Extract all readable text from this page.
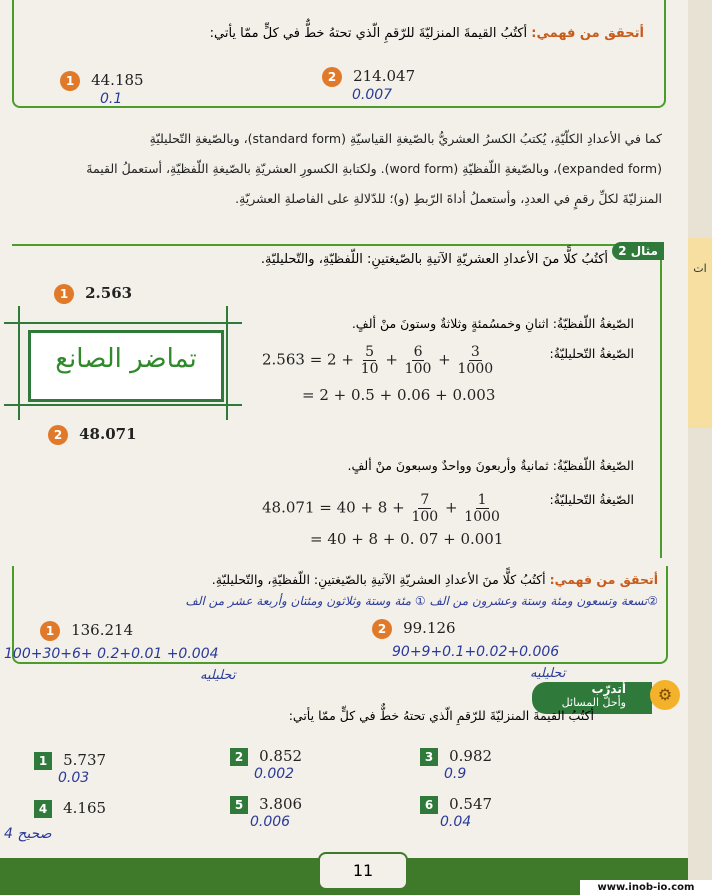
أتحقق من فهمي: أكتُبُ القيمةَ المنزليّةَ للرّقمِ الّذي تحتهُ خطٌّ في كلٍّ ممّا يأتي:
1 44.185
0.1
2 214.047
0.007
كما في الأعدادِ الكلّيّةِ، يُكتبُ الكسرُ العشريُّ بالصّيغةِ القياسيّةِ (standard form)، وبالصّيغةِ التّحليليّةِ
(expanded form)، وبالصّيغةِ اللّفظيّةِ (word form). ولكتابةِ الكسورِ العشريّةِ بالصّيغةِ اللّفظيّةِ، أستعملُ القيمةَ
المنزليّةَ لكلِّ رقمٍ في العددِ، وأستعملُ أداةَ الرّبطِ (و)؛ للدّلالةِ على الفاصلةِ العشريّةِ.
مثال 2
أكتُبُ كلًّا منَ الأعدادِ العشريّةِ الآتيةِ بالصّيغتينِ: اللّفظيّةِ، والتّحليليّةِ.
1 2.563
الصّيغةُ اللّفظيّةُ: اثنانِ وخمسُمئةٍ وثلاثةٌ وستونَ منْ ألفٍ.
الصّيغةُ التّحليليّةُ:
$2.563 = 2 + \frac{5}{10} + \frac{6}{100} + \frac{3}{1000}$
= 2 + 0.5 + 0.06 + 0.003
تماضر الصانع
2 48.071
الصّيغةُ اللّفظيّةُ: ثمانيةٌ وأربعونَ وواحدٌ وسبعونَ منْ ألفٍ.
الصّيغةُ التّحليليّةُ:
$48.071 = 40 + 8 + \frac{7}{100} + \frac{1}{1000}$
= 40 + 8 + 0. 07 + 0.001
أتحقق من فهمي: أكتُبُ كلًّا منَ الأعدادِ العشريّةِ الآتيةِ بالصّيغتينِ: اللّفظيّةِ، والتّحليليّةِ.
②تسعة وتسعون ومئة وستة وعشرون من الف ① مئة وستة وثلاثون ومئتان وأربعة عشر من الف
1 136.214
100+30+6+ 0.2+0.01 +0.004
تحليليه
2 99.126
90+9+0.1+0.02+0.006
تحليليه
أتدرّب
وأحلّ المسائل	⚙
أكتُبُ القيمةَ المنزليّةَ للرّقمِ الّذي تحتهُ خطٌّ في كلٍّ ممّا يأتي:
1 5.737
0.03
2 0.852
0.002
3 0.982
0.9
4 4.165
صحيح 4
5 3.806
0.006
6 0.547
0.04
11
ات
www.inob-io.com
